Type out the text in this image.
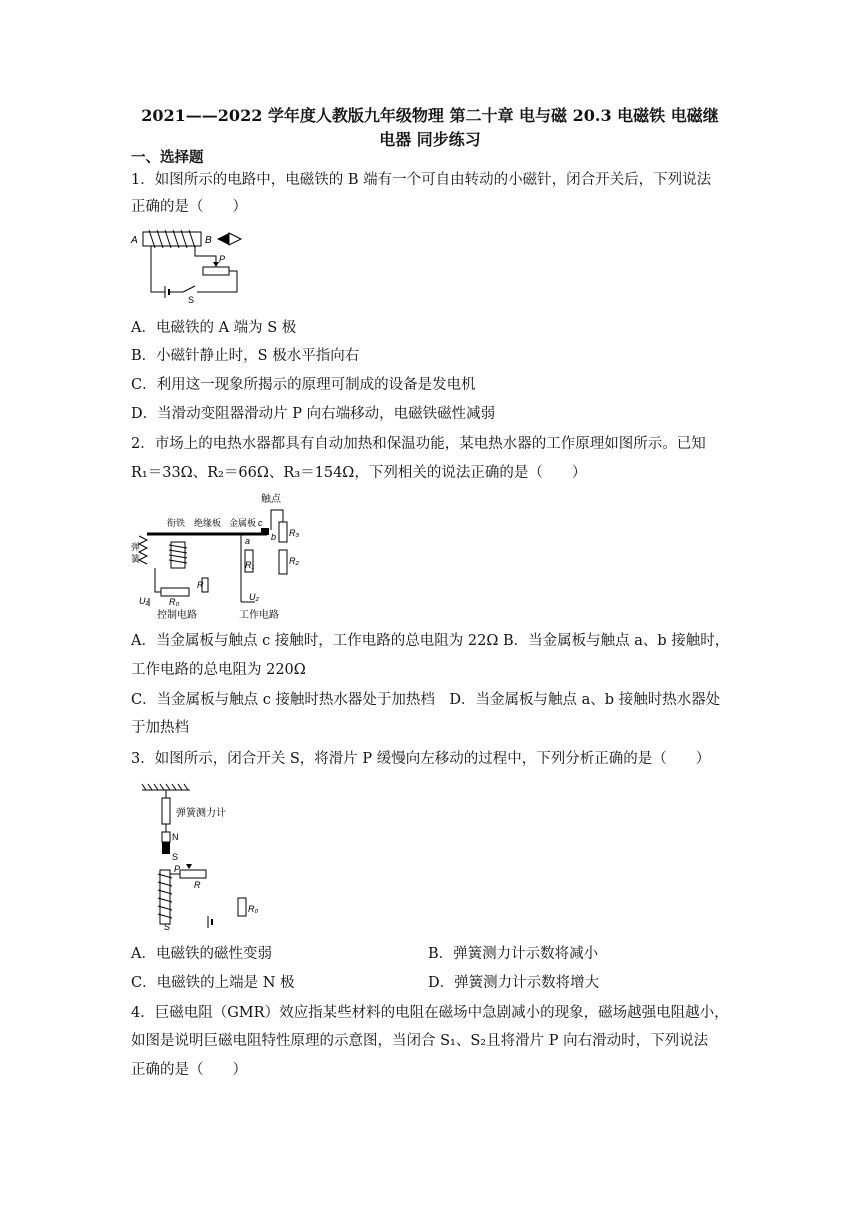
2021——2022 学年度人教版九年级物理 第二十章 电与磁 20.3 电磁铁 电磁继
电器 同步练习
一、选择题
1．如图所示的电路中，电磁铁的 B 端有一个可自由转动的小磁针，闭合开关后，下列说法
正确的是（　　）
A	B
S
P
A．电磁铁的 A 端为 S 极
B．小磁针静止时，S 极水平指向右
C．利用这一现象所揭示的原理可制成的设备是发电机
D．当滑动变阻器滑动片 P 向右端移动，电磁铁磁性减弱
2．市场上的电热水器都具有自动加热和保温功能，某电热水器的工作原理如图所示。已知
R₁＝33Ω、R₂＝66Ω、R₃＝154Ω，下列相关的说法正确的是（　　）
触点
衔铁 绝缘板 金属板 c
弹
簧
R₀
R
U₁
控制电路
a
R₁
b R₃
R₂
U₂
工作电路
A．当金属板与触点 c 接触时，工作电路的总电阻为 22Ω B．当金属板与触点 a、b 接触时，
工作电路的总电阻为 220Ω
C．当金属板与触点 c 接触时热水器处于加热档　D．当金属板与触点 a、b 接触时热水器处
于加热档
3．如图所示，闭合开关 S，将滑片 P 缓慢向左移动的过程中，下列分析正确的是（　　）
弹簧测力计
N
S
P
R
R₀
S
A．电磁铁的磁性变弱	B．弹簧测力计示数将减小
C．电磁铁的上端是 N 极	D．弹簧测力计示数将增大
4．巨磁电阻（GMR）效应指某些材料的电阻在磁场中急剧减小的现象，磁场越强电阻越小，
如图是说明巨磁电阻特性原理的示意图，当闭合 S₁、S₂且将滑片 P 向右滑动时，下列说法
正确的是（　　）
